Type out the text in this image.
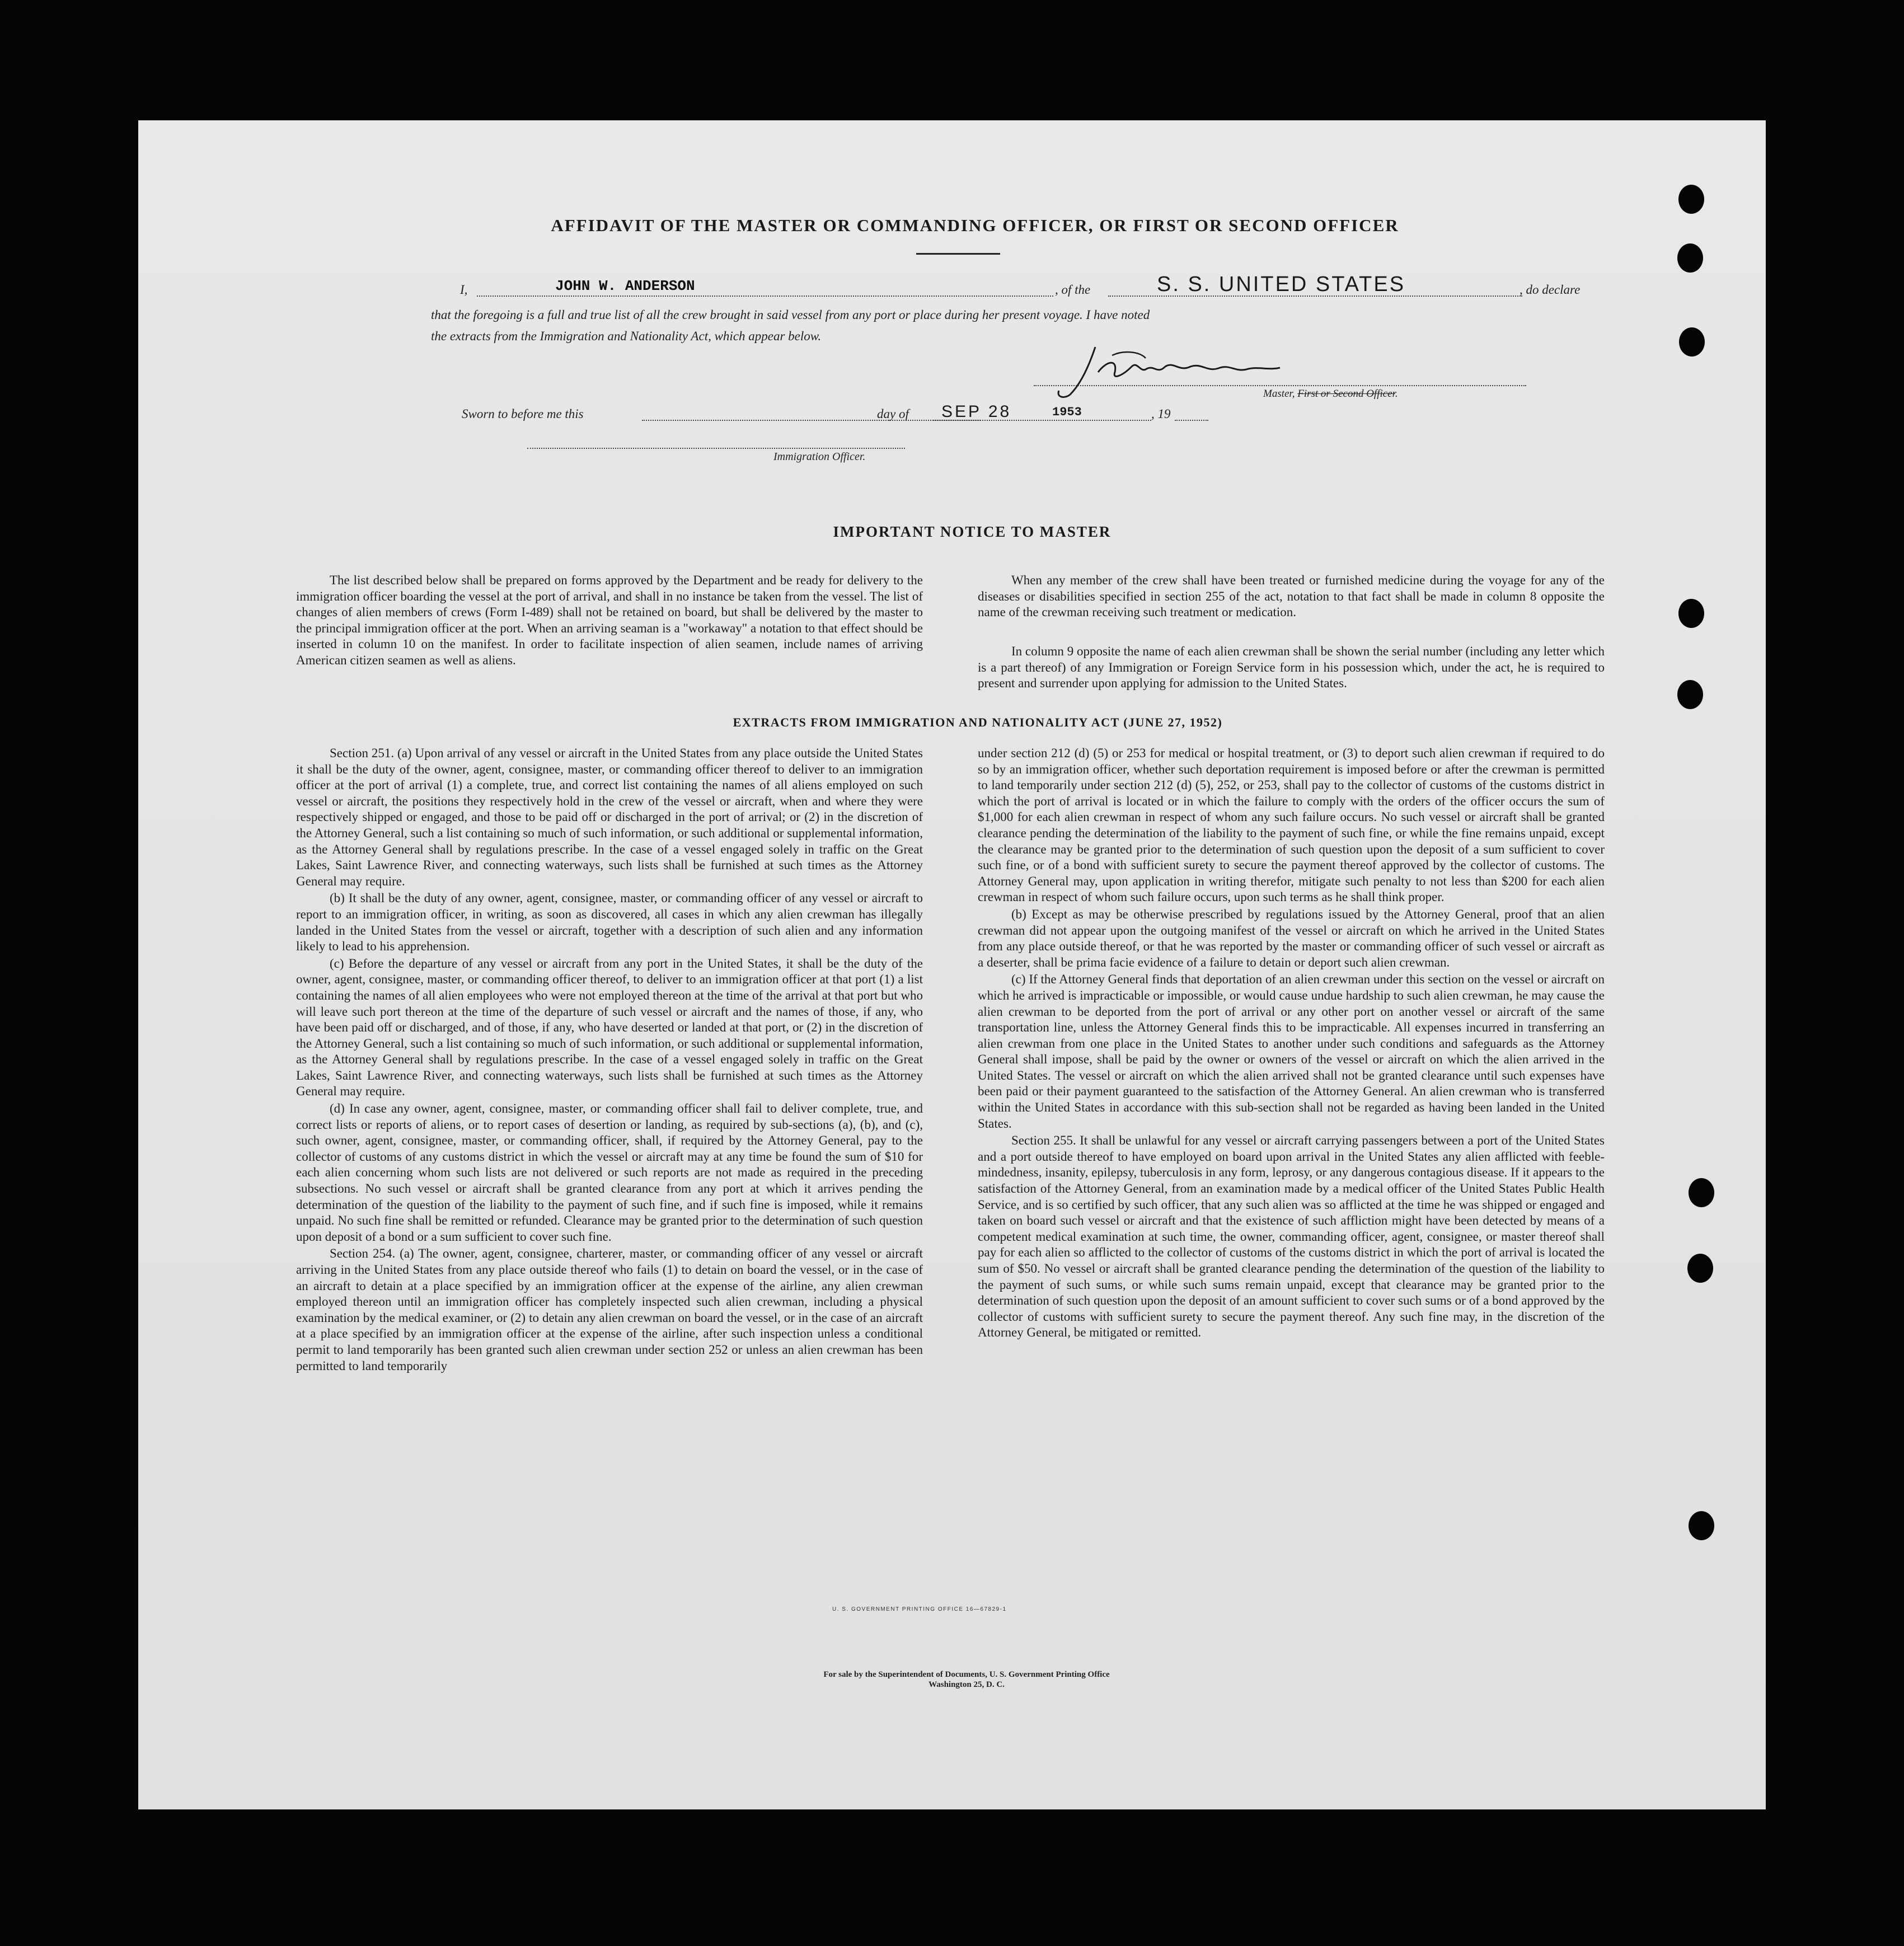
AFFIDAVIT OF THE MASTER OR COMMANDING OFFICER, OR FIRST OR SECOND OFFICER
I,	JOHN W. ANDERSON	, of the	S. S. UNITED STATES	, do declare
that the foregoing is a full and true list of all the crew brought in said vessel from any port or place during her present voyage. I have noted
the extracts from the Immigration and Nationality Act, which appear below.
Master, First or Second Officer.
Sworn to before me this	day of SEP 28	1953	, 19
Immigration Officer.
IMPORTANT NOTICE TO MASTER

The list described below shall be prepared on forms approved by the Department and be ready for delivery to the immigration officer boarding the vessel at the port of arrival, and shall in no instance be taken from the vessel. The list of changes of alien members of crews (Form I-489) shall not be retained on board, but shall be delivered by the master to the principal immigration officer at the port. When an arriving seaman is a "workaway" a notation to that effect should be inserted in column 10 on the manifest. In order to facilitate inspection of alien seamen, include names of arriving American citizen seamen as well as aliens.

When any member of the crew shall have been treated or furnished medicine during the voyage for any of the diseases or disabilities specified in section 255 of the act, notation to that fact shall be made in column 8 opposite the name of the crewman receiving such treatment or medication.

In column 9 opposite the name of each alien crewman shall be shown the serial number (including any letter which is a part thereof) of any Immigration or Foreign Service form in his possession which, under the act, he is required to present and surrender upon applying for admission to the United States.

EXTRACTS FROM IMMIGRATION AND NATIONALITY ACT (JUNE 27, 1952)

Section 251. (a) Upon arrival of any vessel or aircraft in the United States from any place outside the United States it shall be the duty of the owner, agent, consignee, master, or commanding officer thereof to deliver to an immigration officer at the port of arrival (1) a complete, true, and correct list containing the names of all aliens employed on such vessel or aircraft, the positions they respectively hold in the crew of the vessel or aircraft, when and where they were respectively shipped or engaged, and those to be paid off or discharged in the port of arrival; or (2) in the discretion of the Attorney General, such a list containing so much of such information, or such additional or supplemental information, as the Attorney General shall by regulations prescribe. In the case of a vessel engaged solely in traffic on the Great Lakes, Saint Lawrence River, and connecting waterways, such lists shall be furnished at such times as the Attorney General may require.

(b) It shall be the duty of any owner, agent, consignee, master, or commanding officer of any vessel or aircraft to report to an immigration officer, in writing, as soon as discovered, all cases in which any alien crewman has illegally landed in the United States from the vessel or aircraft, together with a description of such alien and any information likely to lead to his apprehension.

(c) Before the departure of any vessel or aircraft from any port in the United States, it shall be the duty of the owner, agent, consignee, master, or commanding officer thereof, to deliver to an immigration officer at that port (1) a list containing the names of all alien employees who were not employed thereon at the time of the arrival at that port but who will leave such port thereon at the time of the departure of such vessel or aircraft and the names of those, if any, who have been paid off or discharged, and of those, if any, who have deserted or landed at that port, or (2) in the discretion of the Attorney General, such a list containing so much of such information, or such additional or supplemental information, as the Attorney General shall by regulations prescribe. In the case of a vessel engaged solely in traffic on the Great Lakes, Saint Lawrence River, and connecting waterways, such lists shall be furnished at such times as the Attorney General may require.

(d) In case any owner, agent, consignee, master, or commanding officer shall fail to deliver complete, true, and correct lists or reports of aliens, or to report cases of desertion or landing, as required by sub-sections (a), (b), and (c), such owner, agent, consignee, master, or commanding officer, shall, if required by the Attorney General, pay to the collector of customs of any customs district in which the vessel or aircraft may at any time be found the sum of $10 for each alien concerning whom such lists are not delivered or such reports are not made as required in the preceding subsections. No such vessel or aircraft shall be granted clearance from any port at which it arrives pending the determination of the question of the liability to the payment of such fine, and if such fine is imposed, while it remains unpaid. No such fine shall be remitted or refunded. Clearance may be granted prior to the determination of such question upon deposit of a bond or a sum sufficient to cover such fine.

Section 254. (a) The owner, agent, consignee, charterer, master, or commanding officer of any vessel or aircraft arriving in the United States from any place outside thereof who fails (1) to detain on board the vessel, or in the case of an aircraft to detain at a place specified by an immigration officer at the expense of the airline, any alien crewman employed thereon until an immigration officer has completely inspected such alien crewman, including a physical examination by the medical examiner, or (2) to detain any alien crewman on board the vessel, or in the case of an aircraft at a place specified by an immigration officer at the expense of the airline, after such inspection unless a conditional permit to land temporarily has been granted such alien crewman under section 252 or unless an alien crewman has been permitted to land temporarily

under section 212 (d) (5) or 253 for medical or hospital treatment, or (3) to deport such alien crewman if required to do so by an immigration officer, whether such deportation requirement is imposed before or after the crewman is permitted to land temporarily under section 212 (d) (5), 252, or 253, shall pay to the collector of customs of the customs district in which the port of arrival is located or in which the failure to comply with the orders of the officer occurs the sum of $1,000 for each alien crewman in respect of whom any such failure occurs. No such vessel or aircraft shall be granted clearance pending the determination of the liability to the payment of such fine, or while the fine remains unpaid, except the clearance may be granted prior to the determination of such question upon the deposit of a sum sufficient to cover such fine, or of a bond with sufficient surety to secure the payment thereof approved by the collector of customs. The Attorney General may, upon application in writing therefor, mitigate such penalty to not less than $200 for each alien crewman in respect of whom such failure occurs, upon such terms as he shall think proper.

(b) Except as may be otherwise prescribed by regulations issued by the Attorney General, proof that an alien crewman did not appear upon the outgoing manifest of the vessel or aircraft on which he arrived in the United States from any place outside thereof, or that he was reported by the master or commanding officer of such vessel or aircraft as a deserter, shall be prima facie evidence of a failure to detain or deport such alien crewman.

(c) If the Attorney General finds that deportation of an alien crewman under this section on the vessel or aircraft on which he arrived is impracticable or impossible, or would cause undue hardship to such alien crewman, he may cause the alien crewman to be deported from the port of arrival or any other port on another vessel or aircraft of the same transportation line, unless the Attorney General finds this to be impracticable. All expenses incurred in transferring an alien crewman from one place in the United States to another under such conditions and safeguards as the Attorney General shall impose, shall be paid by the owner or owners of the vessel or aircraft on which the alien arrived in the United States. The vessel or aircraft on which the alien arrived shall not be granted clearance until such expenses have been paid or their payment guaranteed to the satisfaction of the Attorney General. An alien crewman who is transferred within the United States in accordance with this sub-section shall not be regarded as having been landed in the United States.

Section 255. It shall be unlawful for any vessel or aircraft carrying passengers between a port of the United States and a port outside thereof to have employed on board upon arrival in the United States any alien afflicted with feeble-mindedness, insanity, epilepsy, tuberculosis in any form, leprosy, or any dangerous contagious disease. If it appears to the satisfaction of the Attorney General, from an examination made by a medical officer of the United States Public Health Service, and is so certified by such officer, that any such alien was so afflicted at the time he was shipped or engaged and taken on board such vessel or aircraft and that the existence of such affliction might have been detected by means of a competent medical examination at such time, the owner, commanding officer, agent, consignee, or master thereof shall pay for each alien so afflicted to the collector of customs of the customs district in which the port of arrival is located the sum of $50. No vessel or aircraft shall be granted clearance pending the determination of the question of the liability to the payment of such sums, or while such sums remain unpaid, except that clearance may be granted prior to the determination of such question upon the deposit of an amount sufficient to cover such sums or of a bond approved by the collector of customs with sufficient surety to secure the payment thereof. Any such fine may, in the discretion of the Attorney General, be mitigated or remitted.

U. S. GOVERNMENT PRINTING OFFICE 16—67829-1
For sale by the Superintendent of Documents, U. S. Government Printing Office
Washington 25, D. C.
